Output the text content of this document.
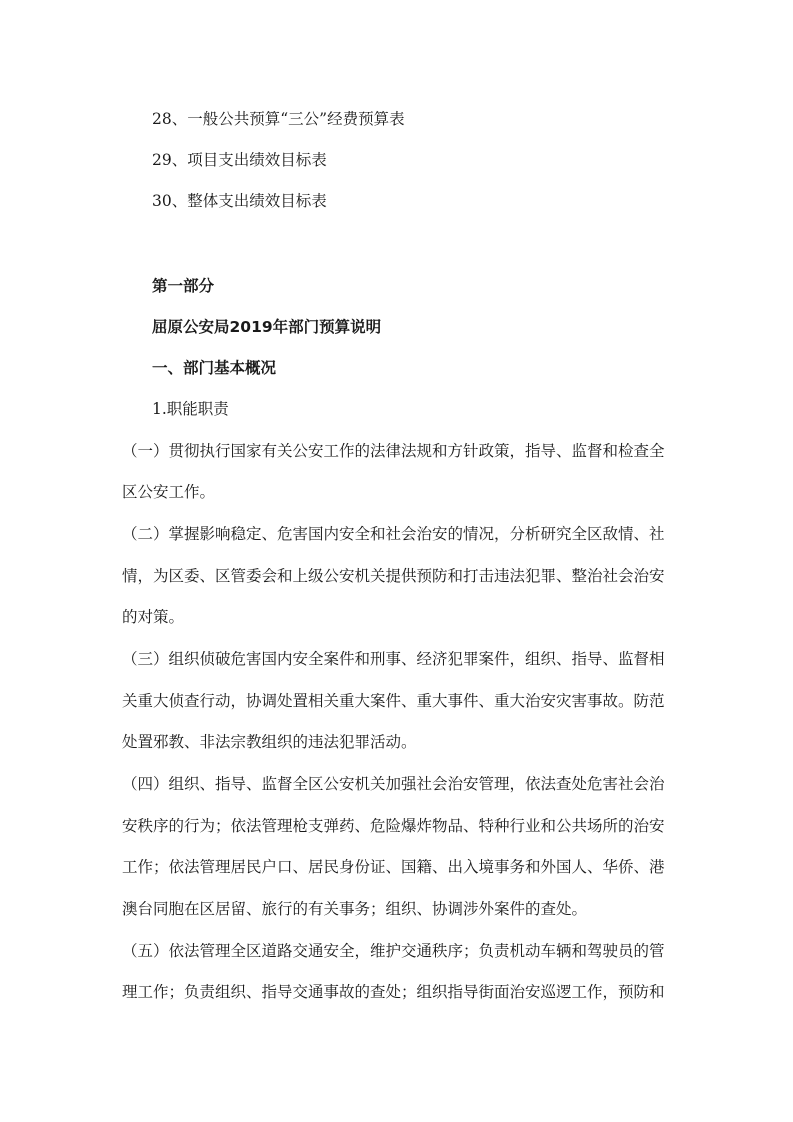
28、一般公共预算“三公”经费预算表
29、项目支出绩效目标表
30、整体支出绩效目标表
第一部分
屈原公安局2019年部门预算说明
一、部门基本概况
1.职能职责
（一）贯彻执行国家有关公安工作的法律法规和方针政策，指导、监督和检查全
区公安工作。
（二）掌握影响稳定、危害国内安全和社会治安的情况，分析研究全区敌情、社
情，为区委、区管委会和上级公安机关提供预防和打击违法犯罪、整治社会治安
的对策。
（三）组织侦破危害国内安全案件和刑事、经济犯罪案件，组织、指导、监督相
关重大侦查行动，协调处置相关重大案件、重大事件、重大治安灾害事故。防范
处置邪教、非法宗教组织的违法犯罪活动。
（四）组织、指导、监督全区公安机关加强社会治安管理，依法查处危害社会治
安秩序的行为；依法管理枪支弹药、危险爆炸物品、特种行业和公共场所的治安
工作；依法管理居民户口、居民身份证、国籍、出入境事务和外国人、华侨、港
澳台同胞在区居留、旅行的有关事务；组织、协调涉外案件的查处。
（五）依法管理全区道路交通安全，维护交通秩序；负责机动车辆和驾驶员的管
理工作；负责组织、指导交通事故的查处；组织指导街面治安巡逻工作，预防和
